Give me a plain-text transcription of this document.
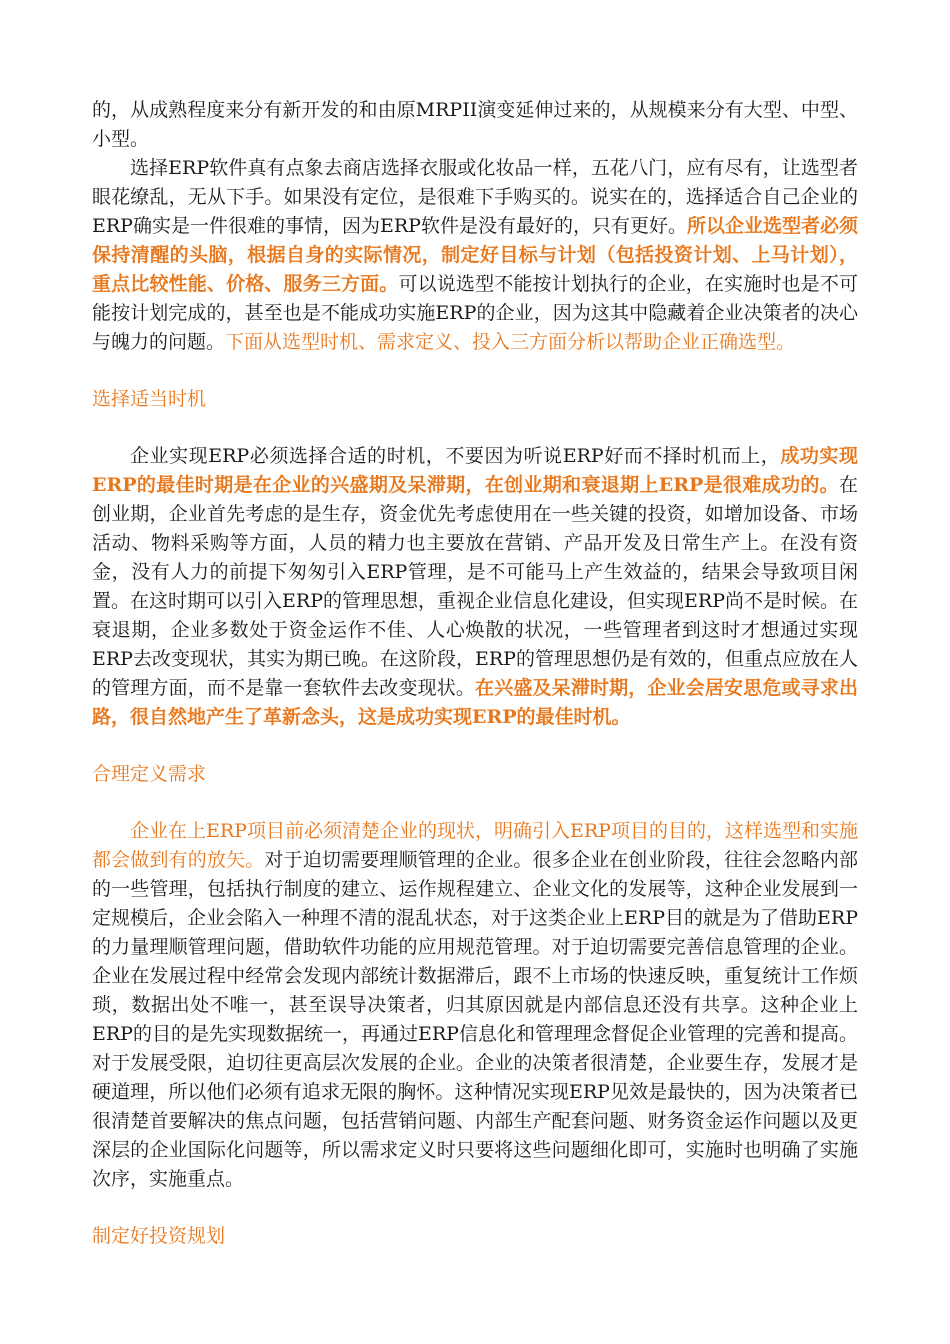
的，从成熟程度来分有新开发的和由原MRPII演变延伸过来的，从规模来分有大型、中型、小型。

选择ERP软件真有点象去商店选择衣服或化妆品一样，五花八门，应有尽有，让选型者眼花缭乱，无从下手。如果没有定位，是很难下手购买的。说实在的，选择适合自己企业的ERP确实是一件很难的事情，因为ERP软件是没有最好的，只有更好。所以企业选型者必须保持清醒的头脑，根据自身的实际情况，制定好目标与计划（包括投资计划、上马计划），重点比较性能、价格、服务三方面。可以说选型不能按计划执行的企业，在实施时也是不可能按计划完成的，甚至也是不能成功实施ERP的企业，因为这其中隐藏着企业决策者的决心与魄力的问题。下面从选型时机、需求定义、投入三方面分析以帮助企业正确选型。

选择适当时机

企业实现ERP必须选择合适的时机，不要因为听说ERP好而不择时机而上，成功实现ERP的最佳时期是在企业的兴盛期及呆滞期，在创业期和衰退期上ERP是很难成功的。在创业期，企业首先考虑的是生存，资金优先考虑使用在一些关键的投资，如增加设备、市场活动、物料采购等方面，人员的精力也主要放在营销、产品开发及日常生产上。在没有资金，没有人力的前提下匆匆引入ERP管理，是不可能马上产生效益的，结果会导致项目闲置。在这时期可以引入ERP的管理思想，重视企业信息化建设，但实现ERP尚不是时候。在衰退期，企业多数处于资金运作不佳、人心焕散的状况，一些管理者到这时才想通过实现ERP去改变现状，其实为期已晚。在这阶段，ERP的管理思想仍是有效的，但重点应放在人的管理方面，而不是靠一套软件去改变现状。在兴盛及呆滞时期，企业会居安思危或寻求出路，很自然地产生了革新念头，这是成功实现ERP的最佳时机。

合理定义需求

企业在上ERP项目前必须清楚企业的现状，明确引入ERP项目的目的，这样选型和实施都会做到有的放矢。对于迫切需要理顺管理的企业。很多企业在创业阶段，往往会忽略内部的一些管理，包括执行制度的建立、运作规程建立、企业文化的发展等，这种企业发展到一定规模后，企业会陷入一种理不清的混乱状态，对于这类企业上ERP目的就是为了借助ERP的力量理顺管理问题，借助软件功能的应用规范管理。对于迫切需要完善信息管理的企业。企业在发展过程中经常会发现内部统计数据滞后，跟不上市场的快速反映，重复统计工作烦琐，数据出处不唯一，甚至误导决策者，归其原因就是内部信息还没有共享。这种企业上ERP的目的是先实现数据统一，再通过ERP信息化和管理理念督促企业管理的完善和提高。对于发展受限，迫切往更高层次发展的企业。企业的决策者很清楚，企业要生存，发展才是硬道理，所以他们必须有追求无限的胸怀。这种情况实现ERP见效是最快的，因为决策者已很清楚首要解决的焦点问题，包括营销问题、内部生产配套问题、财务资金运作问题以及更深层的企业国际化问题等，所以需求定义时只要将这些问题细化即可，实施时也明确了实施次序，实施重点。

制定好投资规划
